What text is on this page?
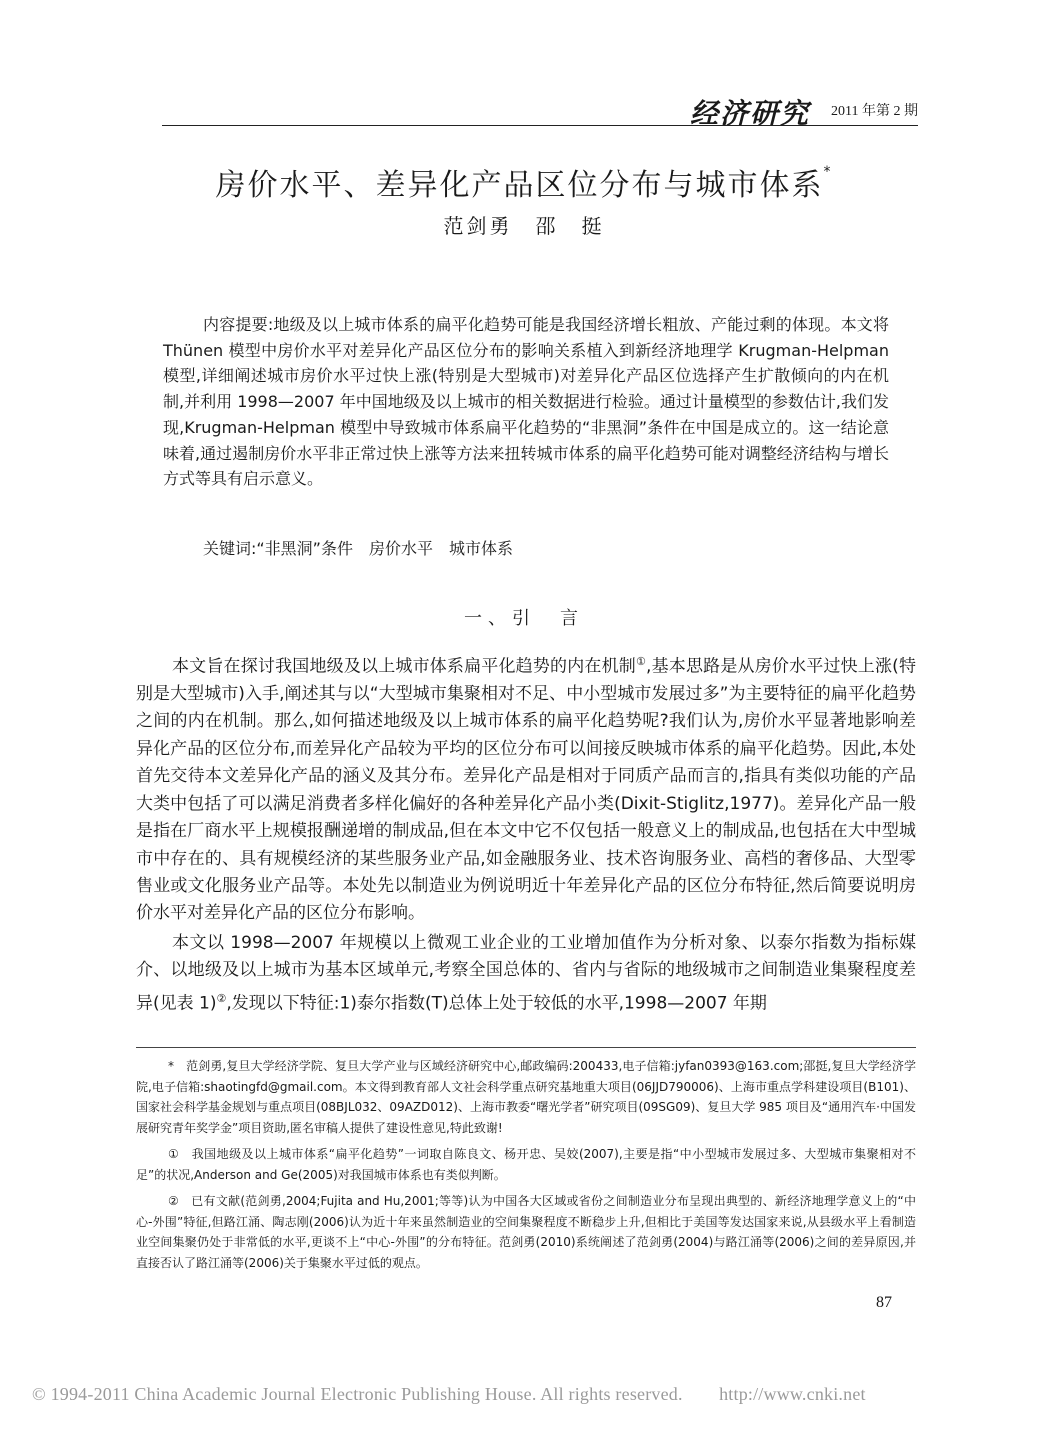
经济研究 2011 年第 2 期
房价水平、差异化产品区位分布与城市体系*
范剑勇　邵　挺

内容提要:地级及以上城市体系的扁平化趋势可能是我国经济增长粗放、产能过剩的体现。本文将 Thünen 模型中房价水平对差异化产品区位分布的影响关系植入到新经济地理学 Krugman-Helpman 模型,详细阐述城市房价水平过快上涨(特别是大型城市)对差异化产品区位选择产生扩散倾向的内在机制,并利用 1998—2007 年中国地级及以上城市的相关数据进行检验。通过计量模型的参数估计,我们发现,Krugman-Helpman 模型中导致城市体系扁平化趋势的“非黑洞”条件在中国是成立的。这一结论意味着,通过遏制房价水平非正常过快上涨等方法来扭转城市体系的扁平化趋势可能对调整经济结构与增长方式等具有启示意义。

关键词:“非黑洞”条件　房价水平　城市体系
一、引　言

本文旨在探讨我国地级及以上城市体系扁平化趋势的内在机制①,基本思路是从房价水平过快上涨(特别是大型城市)入手,阐述其与以“大型城市集聚相对不足、中小型城市发展过多”为主要特征的扁平化趋势之间的内在机制。那么,如何描述地级及以上城市体系的扁平化趋势呢?我们认为,房价水平显著地影响差异化产品的区位分布,而差异化产品较为平均的区位分布可以间接反映城市体系的扁平化趋势。因此,本处首先交待本文差异化产品的涵义及其分布。差异化产品是相对于同质产品而言的,指具有类似功能的产品大类中包括了可以满足消费者多样化偏好的各种差异化产品小类(Dixit-Stiglitz,1977)。差异化产品一般是指在厂商水平上规模报酬递增的制成品,但在本文中它不仅包括一般意义上的制成品,也包括在大中型城市中存在的、具有规模经济的某些服务业产品,如金融服务业、技术咨询服务业、高档的奢侈品、大型零售业或文化服务业产品等。本处先以制造业为例说明近十年差异化产品的区位分布特征,然后简要说明房价水平对差异化产品的区位分布影响。

本文以 1998—2007 年规模以上微观工业企业的工业增加值作为分析对象、以泰尔指数为指标媒介、以地级及以上城市为基本区域单元,考察全国总体的、省内与省际的地级城市之间制造业集聚程度差异(见表 1)②,发现以下特征:1)泰尔指数(T)总体上处于较低的水平,1998—2007 年期

*　 范剑勇,复旦大学经济学院、复旦大学产业与区域经济研究中心,邮政编码:200433,电子信箱:jyfan0393@163.com;邵挺,复旦大学经济学院,电子信箱:shaotingfd@gmail.com。本文得到教育部人文社会科学重点研究基地重大项目(06JJD790006)、上海市重点学科建设项目(B101)、国家社会科学基金规划与重点项目(08BJL032、09AZD012)、上海市教委“曙光学者”研究项目(09SG09)、复旦大学 985 项目及“通用汽车·中国发展研究青年奖学金”项目资助,匿名审稿人提供了建设性意见,特此致谢!

①　 我国地级及以上城市体系“扁平化趋势”一词取自陈良文、杨开忠、吴姣(2007),主要是指“中小型城市发展过多、大型城市集聚相对不足”的状况,Anderson and Ge(2005)对我国城市体系也有类似判断。

②　 已有文献(范剑勇,2004;Fujita and Hu,2001;等等)认为中国各大区域或省份之间制造业分布呈现出典型的、新经济地理学意义上的“中心-外围”特征,但路江涌、陶志刚(2006)认为近十年来虽然制造业的空间集聚程度不断稳步上升,但相比于美国等发达国家来说,从县级水平上看制造业空间集聚仍处于非常低的水平,更谈不上“中心-外围”的分布特征。范剑勇(2010)系统阐述了范剑勇(2004)与路江涌等(2006)之间的差异原因,并直接否认了路江涌等(2006)关于集聚水平过低的观点。

87
© 1994-2011 China Academic Journal Electronic Publishing House. All rights reserved.　　http://www.cnki.net
